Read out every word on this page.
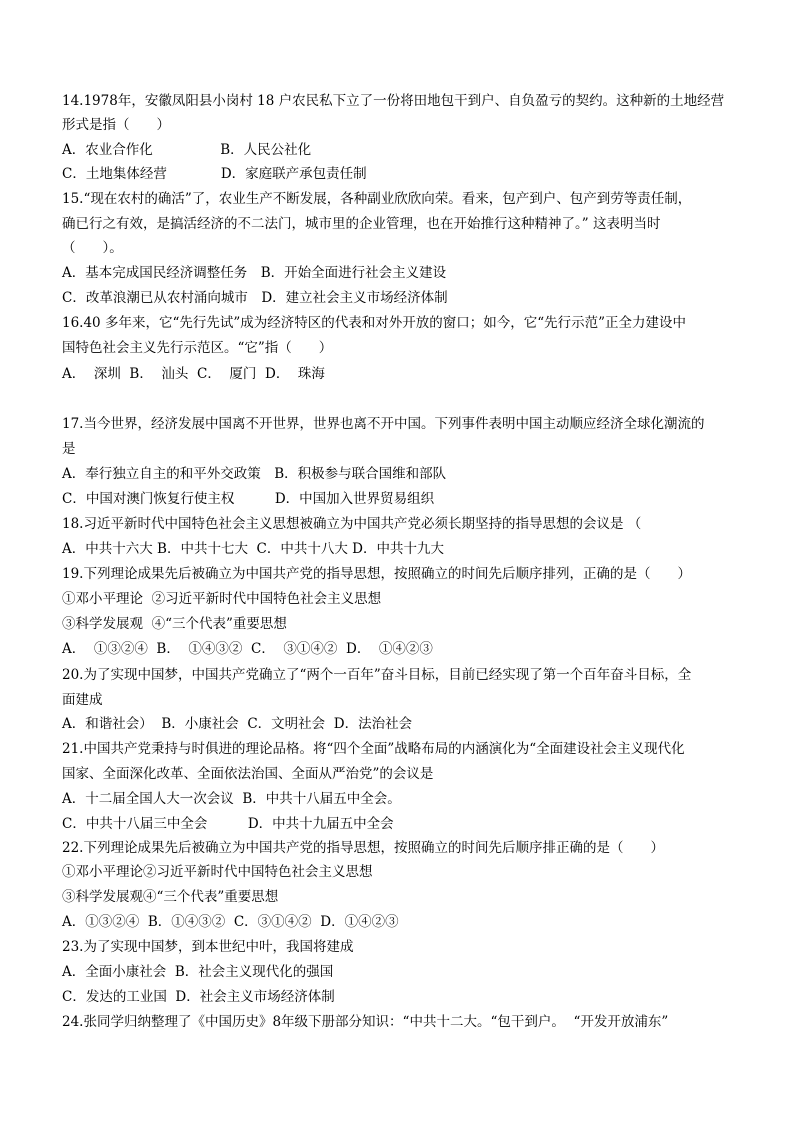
14.1978年，安徽凤阳县小岗村 18 户农民私下立了一份将田地包干到户、自负盈亏的契约。这种新的土地经营
形式是指（　　）
A．农业合作化　　　　　B．人民公社化
C．土地集体经营　　　　D．家庭联产承包责任制
15.“现在农村的确活”了，农业生产不断发展，各种副业欣欣向荣。看来，包产到户、包产到劳等责任制，
确已行之有效，是搞活经济的不二法门，城市里的企业管理，也在开始推行这种精神了。” 这表明当时
（　　）。
A．基本完成国民经济调整任务　B．开始全面进行社会主义建设
C．改革浪潮已从农村涌向城市　D．建立社会主义市场经济体制
16.40 多年来，它“先行先试”成为经济特区的代表和对外开放的窗口；如今，它“先行示范”正全力建设中
国特色社会主义先行示范区。“它”指（　　）
A．  深圳  B．  汕头  C．  厦门  D．  珠海
17.当今世界，经济发展中国离不开世界，世界也离不开中国。下列事件表明中国主动顺应经济全球化潮流的
是
A．奉行独立自主的和平外交政策　B．积极参与联合国维和部队
C．中国对澳门恢复行使主权　　　D．中国加入世界贸易组织
18.习近平新时代中国特色社会主义思想被确立为中国共产党必须长期坚持的指导思想的会议是 （
A．中共十六大 B．中共十七大  C．中共十八大 D．中共十九大
19.下列理论成果先后被确立为中国共产党的指导思想，按照确立的时间先后顺序排列，正确的是（　　）
①邓小平理论  ②习近平新时代中国特色社会主义思想
③科学发展观  ④“三个代表”重要思想
A．  ①③②④  B．  ①④③②  C．  ③①④②  D．  ①④②③
20.为了实现中国梦，中国共产党确立了“两个一百年”奋斗目标，目前已经实现了第一个百年奋斗目标，全
面建成
A．和谐社会）  B．小康社会  C．文明社会  D．法治社会
21.中国共产党秉持与时俱进的理论品格。将“四个全面”战略布局的内涵演化为“全面建设社会主义现代化
国家、全面深化改革、全面依法治国、全面从严治党”的会议是
A．十二届全国人大一次会议  B．中共十八届五中全会。
C．中共十八届三中全会　　　D．中共十九届五中全会
22.下列理论成果先后被确立为中国共产党的指导思想，按照确立的时间先后顺序排正确的是（　　）
①邓小平理论②习近平新时代中国特色社会主义思想
③科学发展观④“三个代表”重要思想
A．①③②④  B．①④③②  C．③①④②  D．①④②③
23.为了实现中国梦，到本世纪中叶，我国将建成
A．全面小康社会  B．社会主义现代化的强国
C．发达的工业国  D．社会主义市场经济体制
24.张同学归纳整理了《中国历史》8年级下册部分知识：“中共十二大。“包干到户。  “开发开放浦东”
